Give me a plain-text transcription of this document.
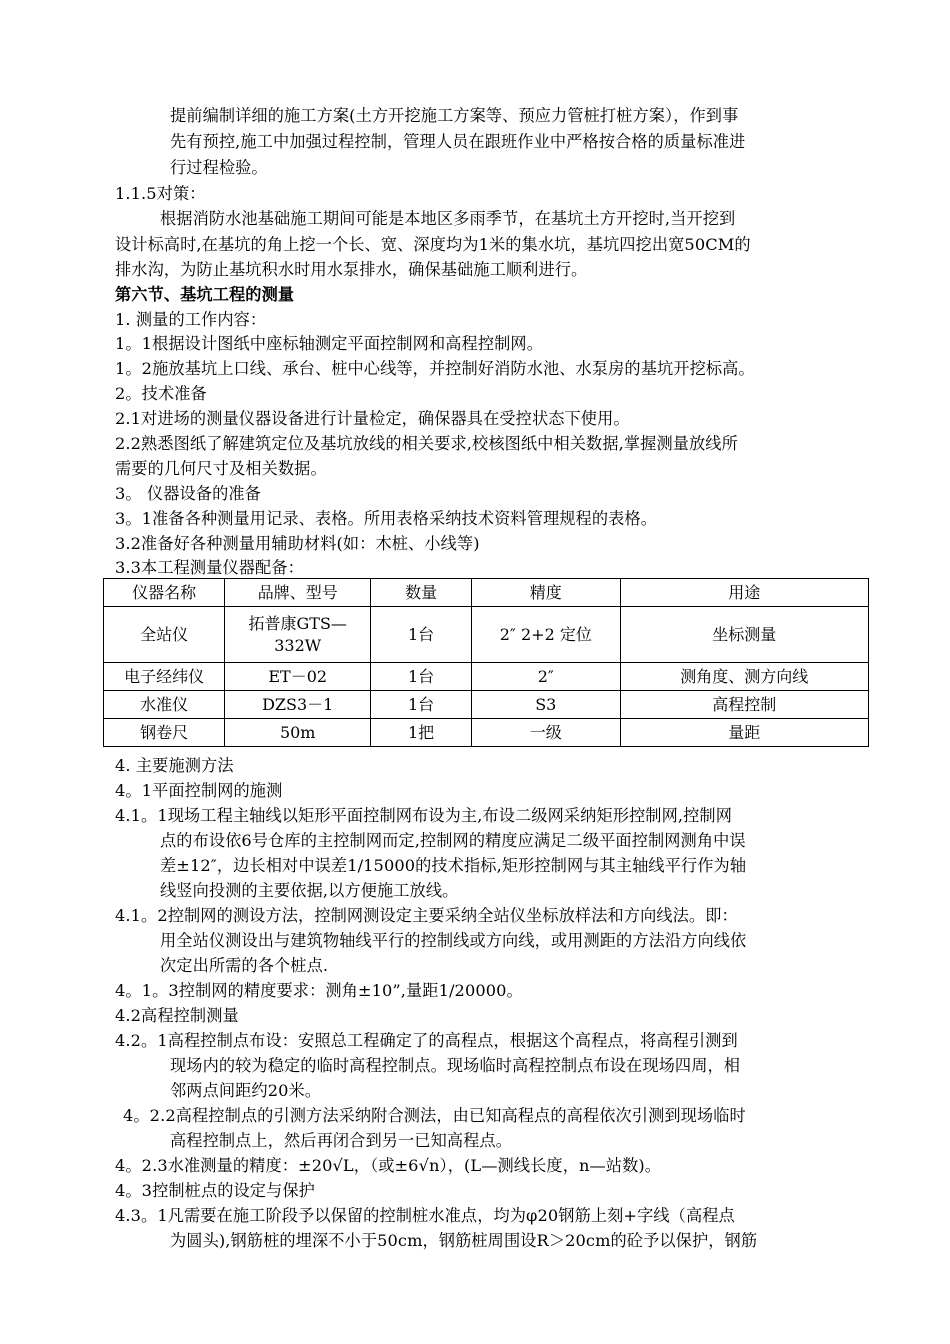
提前编制详细的施工方案(土方开挖施工方案等、预应力管桩打桩方案），作到事
先有预控,施工中加强过程控制，管理人员在跟班作业中严格按合格的质量标准进
行过程检验。
1.1.5对策：
根据消防水池基础施工期间可能是本地区多雨季节，在基坑土方开挖时,当开挖到
设计标高时,在基坑的角上挖一个长、宽、深度均为1米的集水坑，基坑四挖出宽50CM的
排水沟，为防止基坑积水时用水泵排水，确保基础施工顺利进行。
第六节、基坑工程的测量
1. 测量的工作内容：
1。1根据设计图纸中座标轴测定平面控制网和高程控制网。
1。2施放基坑上口线、承台、桩中心线等，并控制好消防水池、水泵房的基坑开挖标高。
2。技术准备
2.1对进场的测量仪器设备进行计量检定，确保器具在受控状态下使用。
2.2熟悉图纸了解建筑定位及基坑放线的相关要求,校核图纸中相关数据,掌握测量放线所
需要的几何尺寸及相关数据。
3。 仪器设备的准备
3。1准备各种测量用记录、表格。所用表格采纳技术资料管理规程的表格。
3.2准备好各种测量用辅助材料(如：木桩、小线等)
3.3本工程测量仪器配备：
仪器名称	品牌、型号	数量	精度	用途
全站仪	拓普康GTS—
332W	1台	2″ 2+2 定位	坐标测量
电子经纬仪	ET－02	1台	2″	测角度、测方向线
水准仪	DZS3－1	1台	S3	高程控制
钢卷尺	50m	1把	一级	量距
4. 主要施测方法
4。1平面控制网的施测
4.1。1现场工程主轴线以矩形平面控制网布设为主,布设二级网采纳矩形控制网,控制网
点的布设依6号仓库的主控制网而定,控制网的精度应满足二级平面控制网测角中误
差±12″，边长相对中误差1/15000的技术指标,矩形控制网与其主轴线平行作为轴
线竖向投测的主要依据,以方便施工放线。
4.1。2控制网的测设方法，控制网测设定主要采纳全站仪坐标放样法和方向线法。即：
用全站仪测设出与建筑物轴线平行的控制线或方向线，或用测距的方法沿方向线依
次定出所需的各个桩点.
4。1。3控制网的精度要求：测角±10”,量距1/20000。
4.2高程控制测量
4.2。1高程控制点布设：安照总工程确定了的高程点，根据这个高程点，将高程引测到
现场内的较为稳定的临时高程控制点。现场临时高程控制点布设在现场四周，相
邻两点间距约20米。
4。2.2高程控制点的引测方法采纳附合测法，由已知高程点的高程依次引测到现场临时
高程控制点上，然后再闭合到另一已知高程点。
4。2.3水准测量的精度：±20√L，（或±6√n），(L—测线长度，n—站数)。
4。3控制桩点的设定与保护
4.3。1凡需要在施工阶段予以保留的控制桩水准点，均为φ20钢筋上刻+字线（高程点
为圆头),钢筋桩的埋深不小于50cm，钢筋桩周围设R＞20cm的砼予以保护，钢筋
